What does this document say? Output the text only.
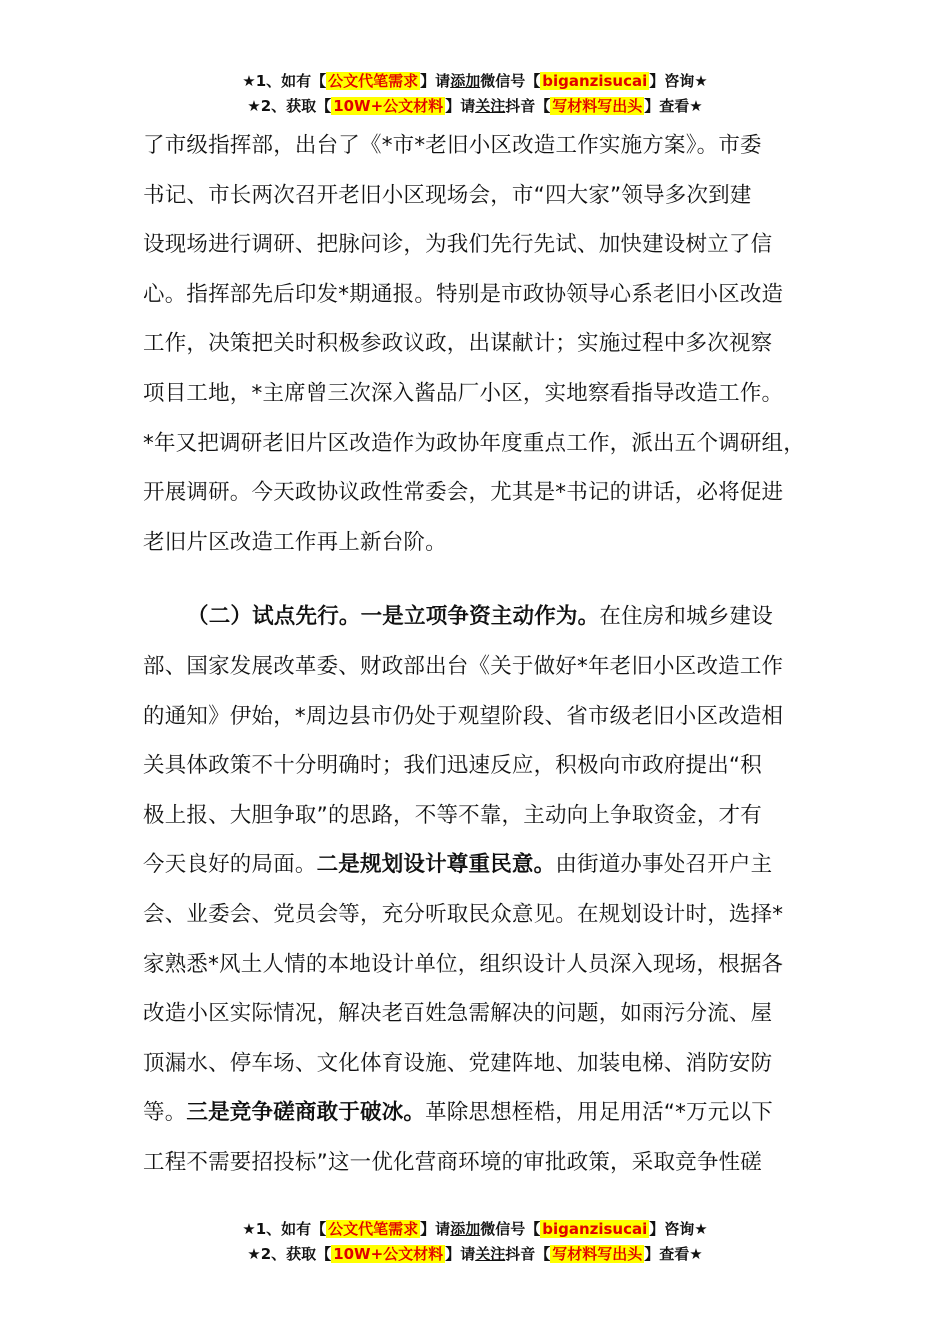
★1、如有【 公文代笔需求 】请添加微信号【 biganzisucai 】咨询★
★2、获取【 10W+公文材料 】请关注抖音【 写材料写出头 】查看★
了市级指挥部，出台了《*市*老旧小区改造工作实施方案》。市委
书记、市长两次召开老旧小区现场会，市“四大家”领导多次到建
设现场进行调研、把脉问诊，为我们先行先试、加快建设树立了信
心。指挥部先后印发*期通报。特别是市政协领导心系老旧小区改造
工作，决策把关时积极参政议政，出谋献计；实施过程中多次视察
项目工地，*主席曾三次深入酱品厂小区，实地察看指导改造工作。
*年又把调研老旧片区改造作为政协年度重点工作，派出五个调研组，
开展调研。今天政协议政性常委会，尤其是*书记的讲话，必将促进
老旧片区改造工作再上新台阶。
（二）试点先行。一是立项争资主动作为。在住房和城乡建设
部、国家发展改革委、财政部出台《关于做好*年老旧小区改造工作
的通知》伊始，*周边县市仍处于观望阶段、省市级老旧小区改造相
关具体政策不十分明确时；我们迅速反应，积极向市政府提出“积
极上报、大胆争取”的思路，不等不靠，主动向上争取资金，才有
今天良好的局面。二是规划设计尊重民意。由街道办事处召开户主
会、业委会、党员会等，充分听取民众意见。在规划设计时，选择*
家熟悉*风土人情的本地设计单位，组织设计人员深入现场，根据各
改造小区实际情况，解决老百姓急需解决的问题，如雨污分流、屋
顶漏水、停车场、文化体育设施、党建阵地、加装电梯、消防安防
等。三是竞争磋商敢于破冰。革除思想桎梏，用足用活“*万元以下
工程不需要招投标”这一优化营商环境的审批政策，采取竞争性磋
★1、如有【 公文代笔需求 】请添加微信号【 biganzisucai 】咨询★
★2、获取【 10W+公文材料 】请关注抖音【 写材料写出头 】查看★
